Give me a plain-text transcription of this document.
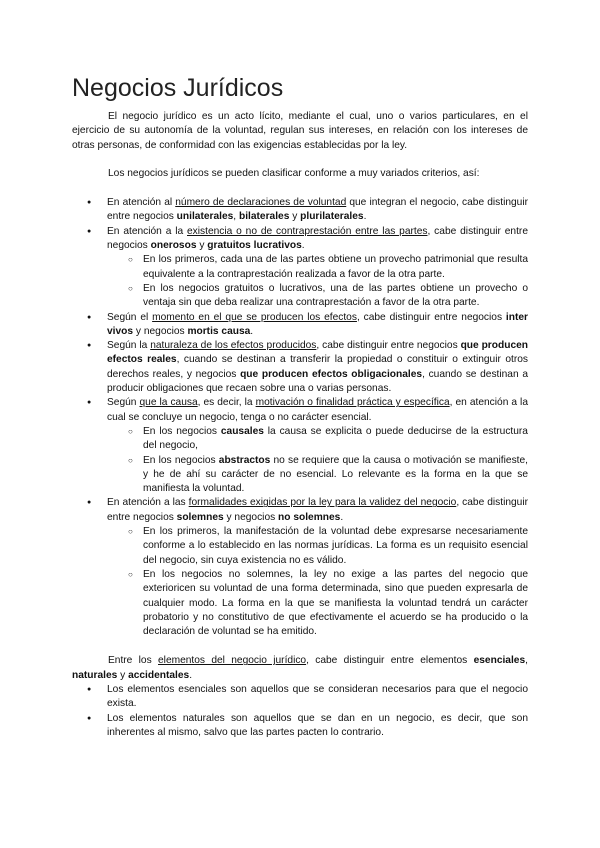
Negocios Jurídicos

El negocio jurídico es un acto lícito, mediante el cual, uno o varios particulares, en el ejercicio de su autonomía de la voluntad, regulan sus intereses, en relación con los intereses de otras personas, de conformidad con las exigencias establecidas por la ley.

Los negocios jurídicos se pueden clasificar conforme a muy variados criterios, así:

● En atención al número de declaraciones de voluntad que integran el negocio, cabe distinguir entre negocios unilaterales, bilaterales y plurilaterales.
● En atención a la existencia o no de contraprestación entre las partes, cabe distinguir entre negocios onerosos y gratuitos lucrativos.
○ En los primeros, cada una de las partes obtiene un provecho patrimonial que resulta equivalente a la contraprestación realizada a favor de la otra parte.
○ En los negocios gratuitos o lucrativos, una de las partes obtiene un provecho o ventaja sin que deba realizar una contraprestación a favor de la otra parte.
● Según el momento en el que se producen los efectos, cabe distinguir entre negocios inter vivos y negocios mortis causa.
● Según la naturaleza de los efectos producidos, cabe distinguir entre negocios que producen efectos reales, cuando se destinan a transferir la propiedad o constituir o extinguir otros derechos reales, y negocios que producen efectos obligacionales, cuando se destinan a producir obligaciones que recaen sobre una o varias personas.
● Según que la causa, es decir, la motivación o finalidad práctica y específica, en atención a la cual se concluye un negocio, tenga o no carácter esencial.
○ En los negocios causales la causa se explicita o puede deducirse de la estructura del negocio,
○ En los negocios abstractos no se requiere que la causa o motivación se manifieste, y he de ahí su carácter de no esencial. Lo relevante es la forma en la que se manifiesta la voluntad.
● En atención a las formalidades exigidas por la ley para la validez del negocio, cabe distinguir entre negocios solemnes y negocios no solemnes.
○ En los primeros, la manifestación de la voluntad debe expresarse necesariamente conforme a lo establecido en las normas jurídicas. La forma es un requisito esencial del negocio, sin cuya existencia no es válido.
○ En los negocios no solemnes, la ley no exige a las partes del negocio que exterioricen su voluntad de una forma determinada, sino que pueden expresarla de cualquier modo. La forma en la que se manifiesta la voluntad tendrá un carácter probatorio y no constitutivo de que efectivamente el acuerdo se ha producido o la declaración de voluntad se ha emitido.

Entre los elementos del negocio jurídico, cabe distinguir entre elementos esenciales, naturales y accidentales.

● Los elementos esenciales son aquellos que se consideran necesarios para que el negocio exista.
● Los elementos naturales son aquellos que se dan en un negocio, es decir, que son inherentes al mismo, salvo que las partes pacten lo contrario.
